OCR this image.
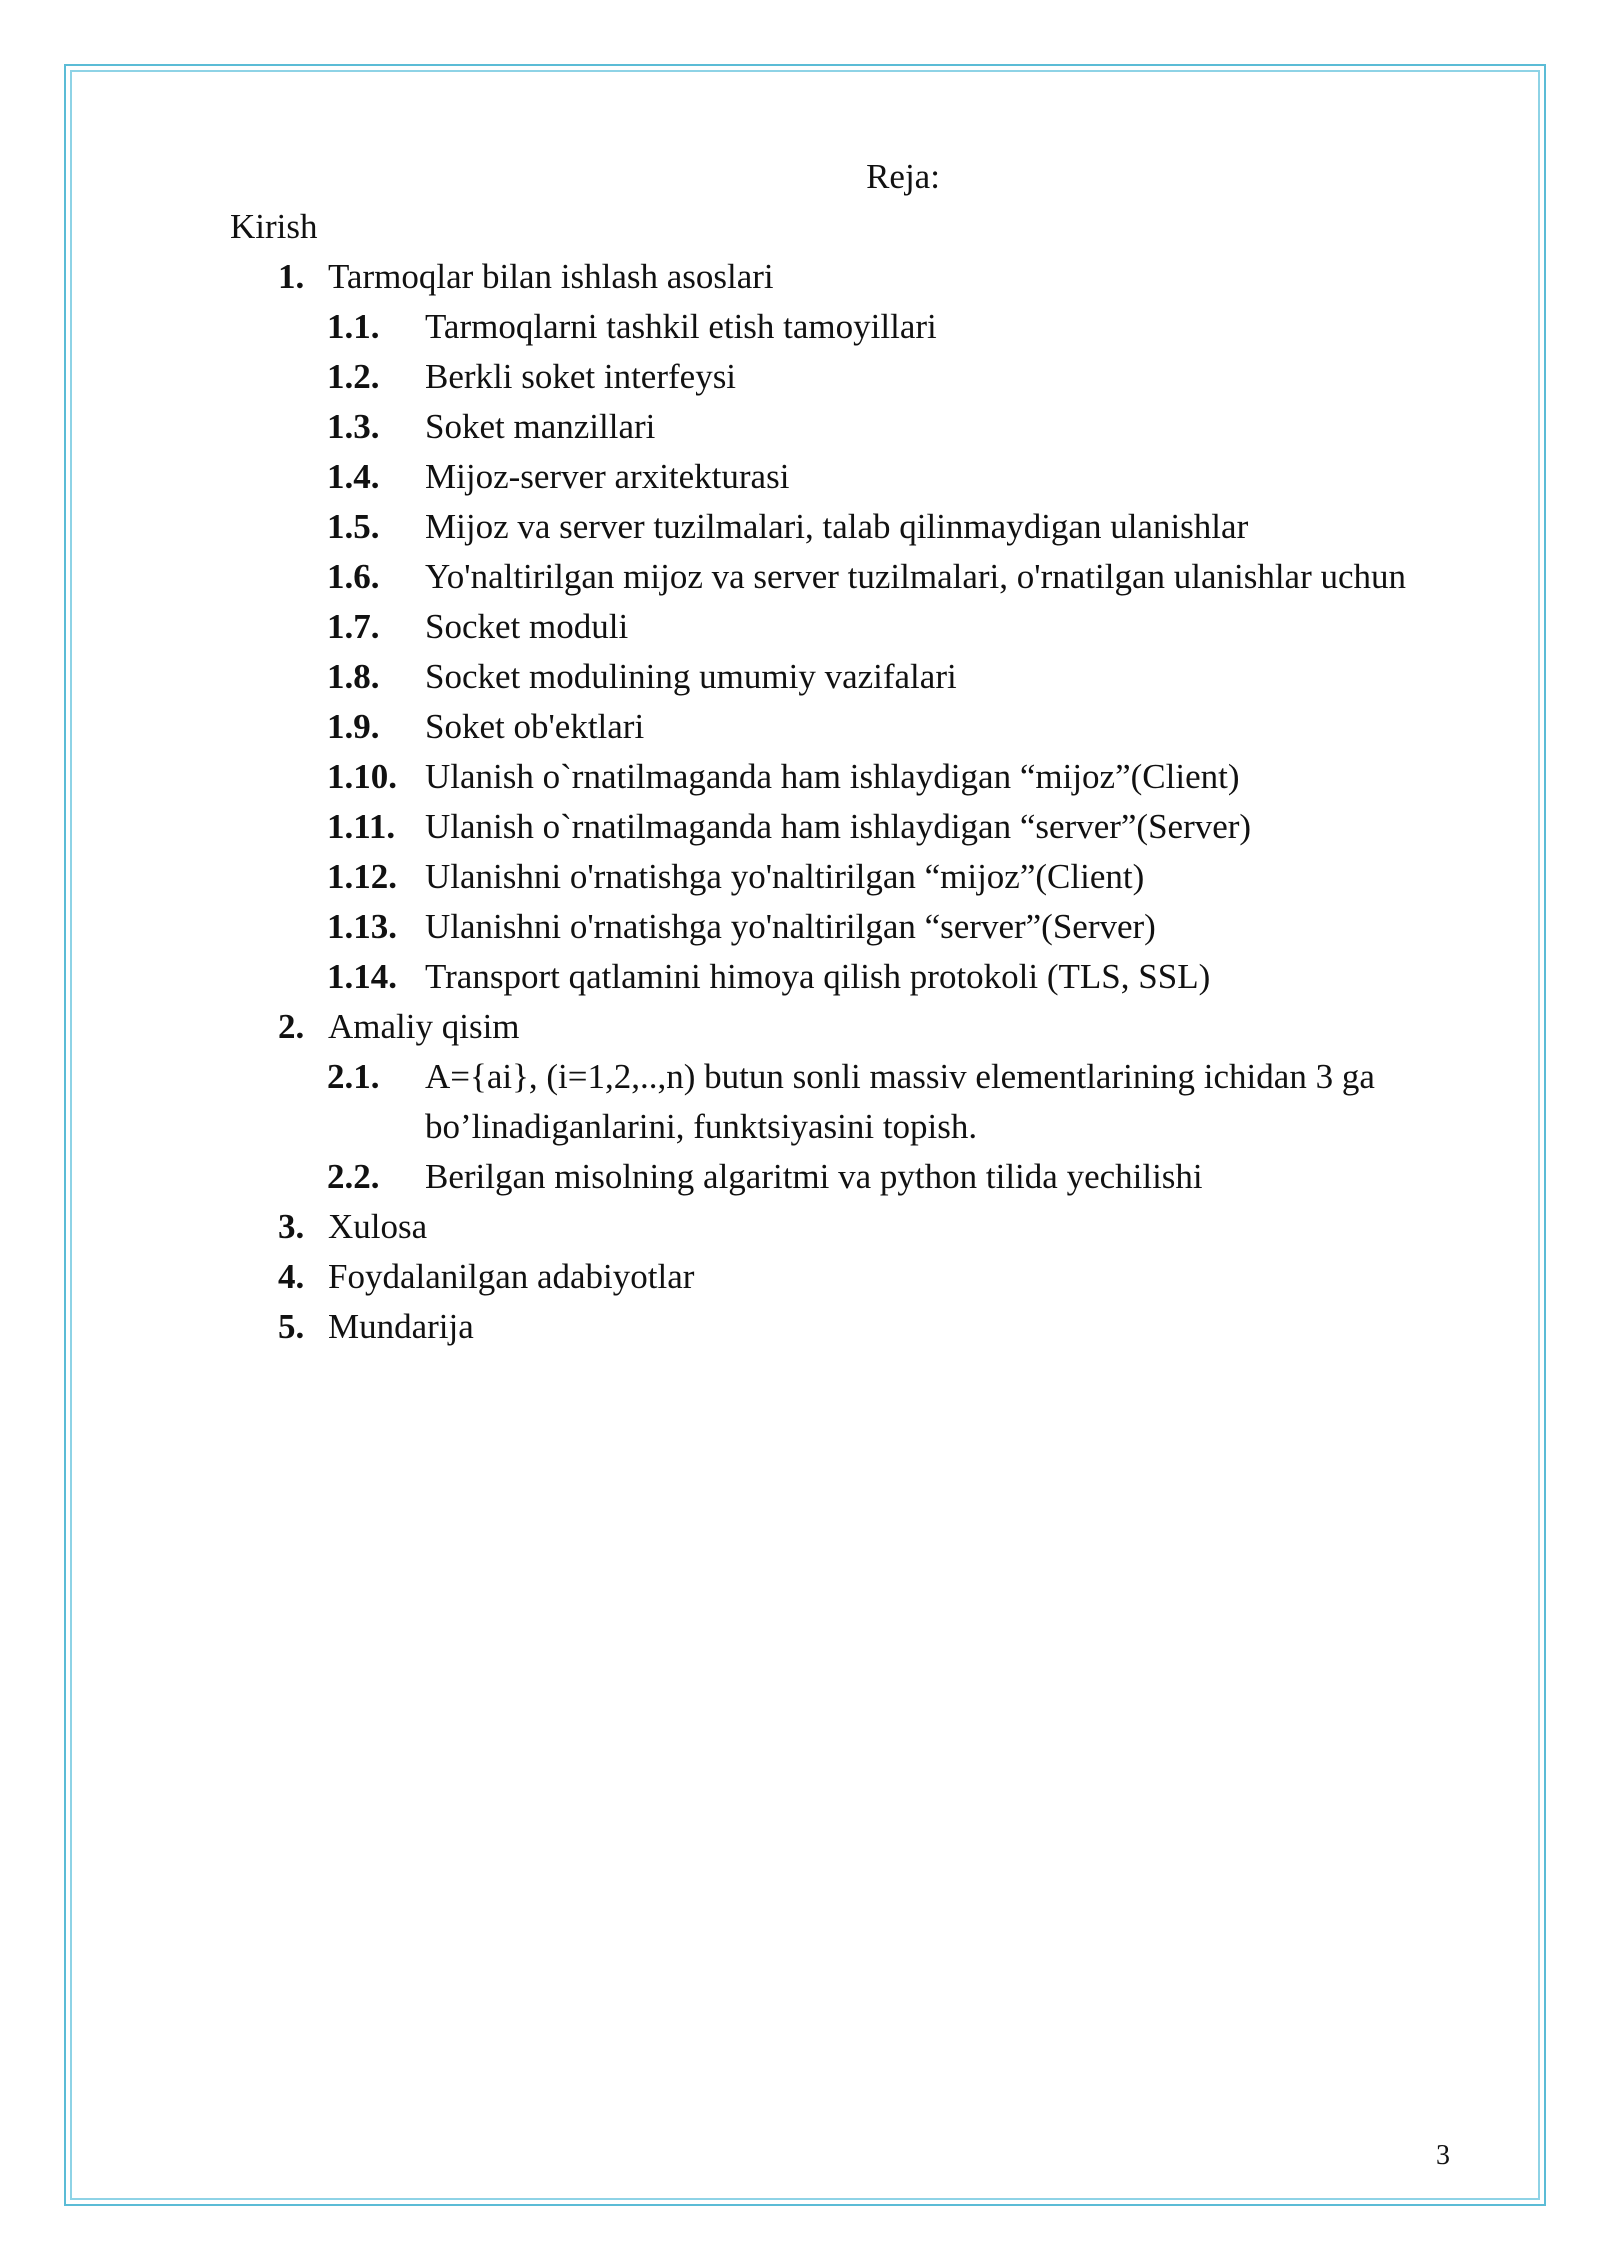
Reja:
Kirish
1. Tarmoqlar bilan ishlash asoslari
1.1.	Tarmoqlarni tashkil etish tamoyillari
1.2.	Berkli soket interfeysi
1.3.	Soket manzillari
1.4.	Mijoz-server arxitekturasi
1.5.	Mijoz va server tuzilmalari, talab qilinmaydigan ulanishlar
1.6.	Yo'naltirilgan mijoz va server tuzilmalari, o'rnatilgan ulanishlar uchun
1.7.	Socket moduli
1.8.	Socket modulining umumiy vazifalari
1.9.	Soket ob'ektlari
1.10. Ulanish o`rnatilmaganda ham ishlaydigan “mijoz”(Client)
1.11. Ulanish o`rnatilmaganda ham ishlaydigan “server”(Server)
1.12. Ulanishni o'rnatishga yo'naltirilgan “mijoz”(Client)
1.13. Ulanishni o'rnatishga yo'naltirilgan “server”(Server)
1.14. Transport qatlamini himoya qilish protokoli (TLS, SSL)
2. Amaliy qisim
2.1.	A={ai}, (i=1,2,..,n) butun sonli massiv elementlarining ichidan 3 ga bo’linadiganlarini, funktsiyasini topish.
2.2.	Berilgan misolning algaritmi va python tilida yechilishi
3. Xulosa
4. Foydalanilgan adabiyotlar
5. Mundarija
3
